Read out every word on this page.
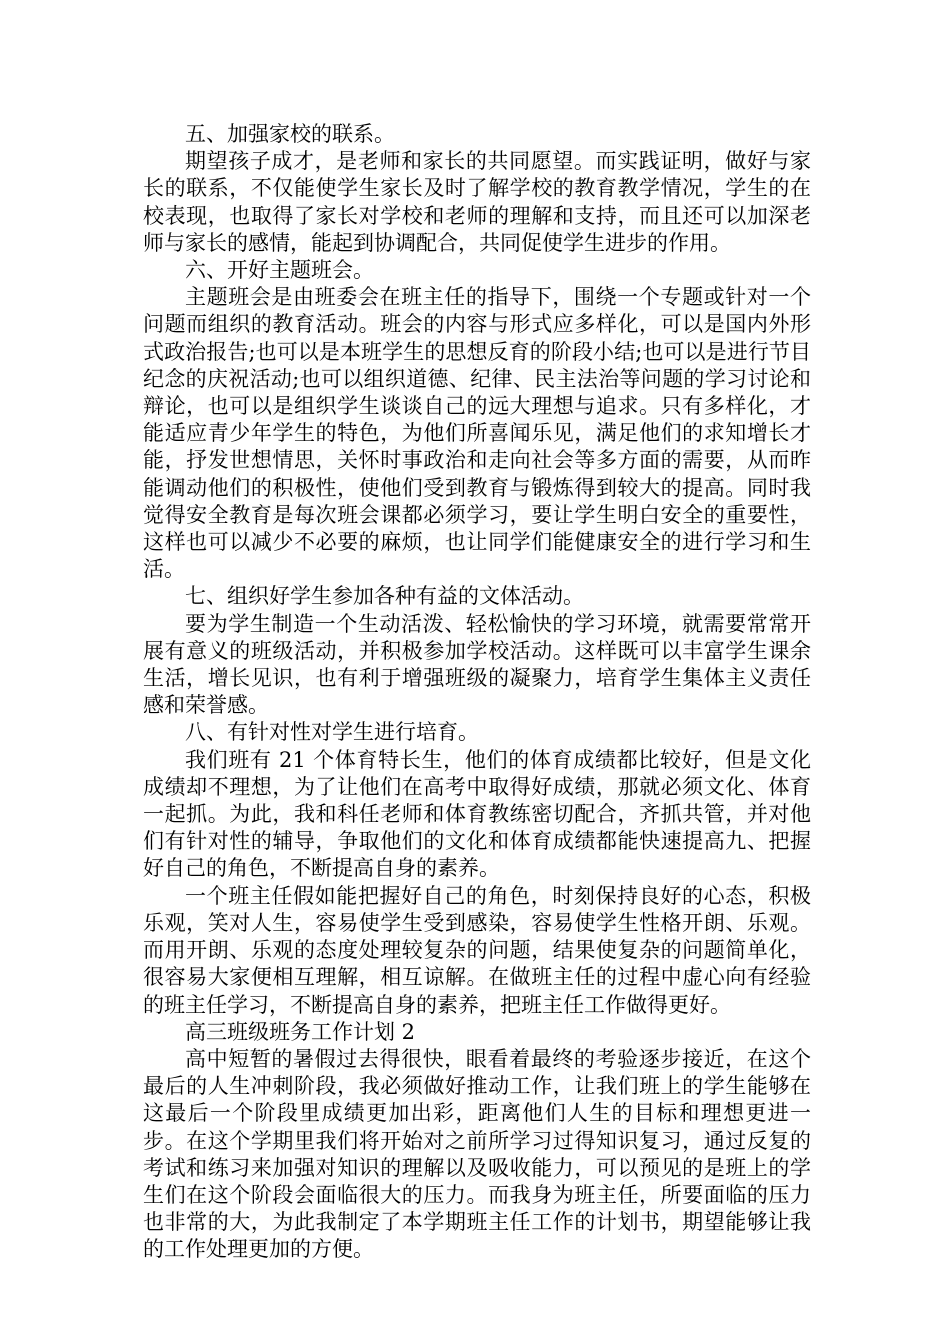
五、加强家校的联系。

期望孩子成才，是老师和家长的共同愿望。而实践证明，做好与家长的联系，不仅能使学生家长及时了解学校的教育教学情况，学生的在校表现，也取得了家长对学校和老师的理解和支持，而且还可以加深老师与家长的感情，能起到协调配合，共同促使学生进步的作用。

六、开好主题班会。

主题班会是由班委会在班主任的指导下，围绕一个专题或针对一个问题而组织的教育活动。班会的内容与形式应多样化，可以是国内外形式政治报告;也可以是本班学生的思想反育的阶段小结;也可以是进行节目纪念的庆祝活动;也可以组织道德、纪律、民主法治等问题的学习讨论和辩论，也可以是组织学生谈谈自己的远大理想与追求。只有多样化，才能适应青少年学生的特色，为他们所喜闻乐见，满足他们的求知增长才能，抒发世想情思，关怀时事政治和走向社会等多方面的需要，从而昨能调动他们的积极性，使他们受到教育与锻炼得到较大的提高。同时我觉得安全教育是每次班会课都必须学习，要让学生明白安全的重要性，这样也可以减少不必要的麻烦，也让同学们能健康安全的进行学习和生活。

七、组织好学生参加各种有益的文体活动。

要为学生制造一个生动活泼、轻松愉快的学习环境，就需要常常开展有意义的班级活动，并积极参加学校活动。这样既可以丰富学生课余生活，增长见识，也有利于增强班级的凝聚力，培育学生集体主义责任感和荣誉感。

八、有针对性对学生进行培育。

我们班有 21 个体育特长生，他们的体育成绩都比较好，但是文化成绩却不理想，为了让他们在高考中取得好成绩，那就必须文化、体育一起抓。为此，我和科任老师和体育教练密切配合，齐抓共管，并对他们有针对性的辅导，争取他们的文化和体育成绩都能快速提高九、把握好自己的角色，不断提高自身的素养。

一个班主任假如能把握好自己的角色，时刻保持良好的心态，积极乐观，笑对人生，容易使学生受到感染，容易使学生性格开朗、乐观。而用开朗、乐观的态度处理较复杂的问题，结果使复杂的问题简单化，很容易大家便相互理解，相互谅解。在做班主任的过程中虚心向有经验的班主任学习，不断提高自身的素养，把班主任工作做得更好。

高三班级班务工作计划 2

高中短暂的暑假过去得很快，眼看着最终的考验逐步接近，在这个最后的人生冲刺阶段，我必须做好推动工作，让我们班上的学生能够在这最后一个阶段里成绩更加出彩，距离他们人生的目标和理想更进一步。在这个学期里我们将开始对之前所学习过得知识复习，通过反复的考试和练习来加强对知识的理解以及吸收能力，可以预见的是班上的学生们在这个阶段会面临很大的压力。而我身为班主任，所要面临的压力也非常的大，为此我制定了本学期班主任工作的计划书，期望能够让我的工作处理更加的方便。
